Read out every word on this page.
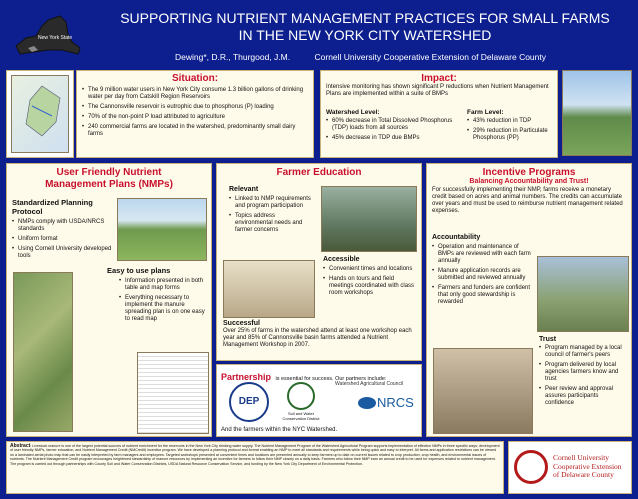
New York State
SUPPORTING NUTRIENT MANAGEMENT PRACTICES FOR SMALL FARMS
IN THE NEW YORK CITY WATERSHED
Dewing*, D.R., Thurgood, J.M.	Cornell University Cooperative Extension of Delaware County
Situation:
• The 9 million water users in New York City consume 1.3 billion gallons of drinking water per day from Catskill Region Reservoirs
• The Cannonsville reservoir is eutrophic due to phosphorus (P) loading
• 70% of the non-point P load attributed to agriculture
• 240 commercial farms are located in the watershed, predominantly small dairy farms
Impact:
Intensive monitoring has shown significant P reductions when Nutrient Management Plans are implemented within a suite of BMPs
Watershed Level:
• 60% decrease in Total Dissolved Phosphorus (TDP) loads from all sources
• 45% decrease in TDP due BMPs
Farm Level:
• 43% reduction in TDP
• 29% reduction in Particulate Phosphorus (PP)
User Friendly Nutrient
Management Plans (NMPs)
Standardized Planning Protocol
• NMPs comply with USDA/NRCS standards
• Uniform format
• Using Cornell University developed tools
Easy to use plans
• Information presented in both table and map forms
• Everything necessary to implement the manure spreading plan is on one easy to read map
Farmer Education
Relevant
• Linked to NMP requirements and program participation
• Topics address environmental needs and farmer concerns
Accessible
• Convenient times and locations
• Hands on tours and field meetings coordinated with class room workshops
Successful
Over 25% of farms in the watershed attend at least one workshop each year and 85% of Cannonsville basin farms attended a Nutrient Management Workshop in 2007.
Partnership is essential for success. Our partners include:
DEP
Soil and Water Conservation District
Watershed Agricultural Council
NRCS
And the farmers within the NYC Watershed.
Incentive Programs
Balancing Accountability and Trust!
For successfully implementing their NMP, farms receive a monetary credit based on acres and animal numbers. The credits can accumulate over years and must be used to reimburse nutrient management related expenses.
Accountability
• Operation and maintenance of BMPs are reviewed with each farm annually
• Manure application records are submitted and reviewed annually
• Farmers and funders are confident that only good stewardship is rewarded
Trust
• Program managed by a local council of farmer's peers
• Program delivered by local agencies farmers know and trust
• Peer review and approval assures participants confidence
Abstract: Livestock manure is one of the largest potential sources of nutrient enrichment for the reservoirs in the New York City drinking water supply. The Nutrient Management Program of the Watershed Agricultural Program supports implementation of effective NMPs in three specific ways; development of user friendly NMPs, farmer education, and Nutrient Management Credit (NMCredit) incentive program. We have developed a planning protocol and format enabling an NMP to meet all standards and requirements while being quick and easy to interpret. All farms and application restrictions can be viewed on a laminated aerial photo map that can be easily interpreted by farm managers and employees. Targeted workshops presented at convenient times and locations are presented annually to keep farmers up to date on current issues related to crop production, crop health, and environmental issues of nutrients. The Nutrient Management Credit program encourages heightened stewardship of manure resources by implementing an incentive for farmers to follow their NMP closely on a daily basis. Farmers who follow their NMP earn an annual credit to be used for expenses related to nutrient management. The program is carried out through partnerships with County Soil and Water Conservation Districts, USDA Natural Resource Conservation Service, and funding by the New York City Department of Environmental Protection.
Cornell University
Cooperative Extension
of Delaware County
